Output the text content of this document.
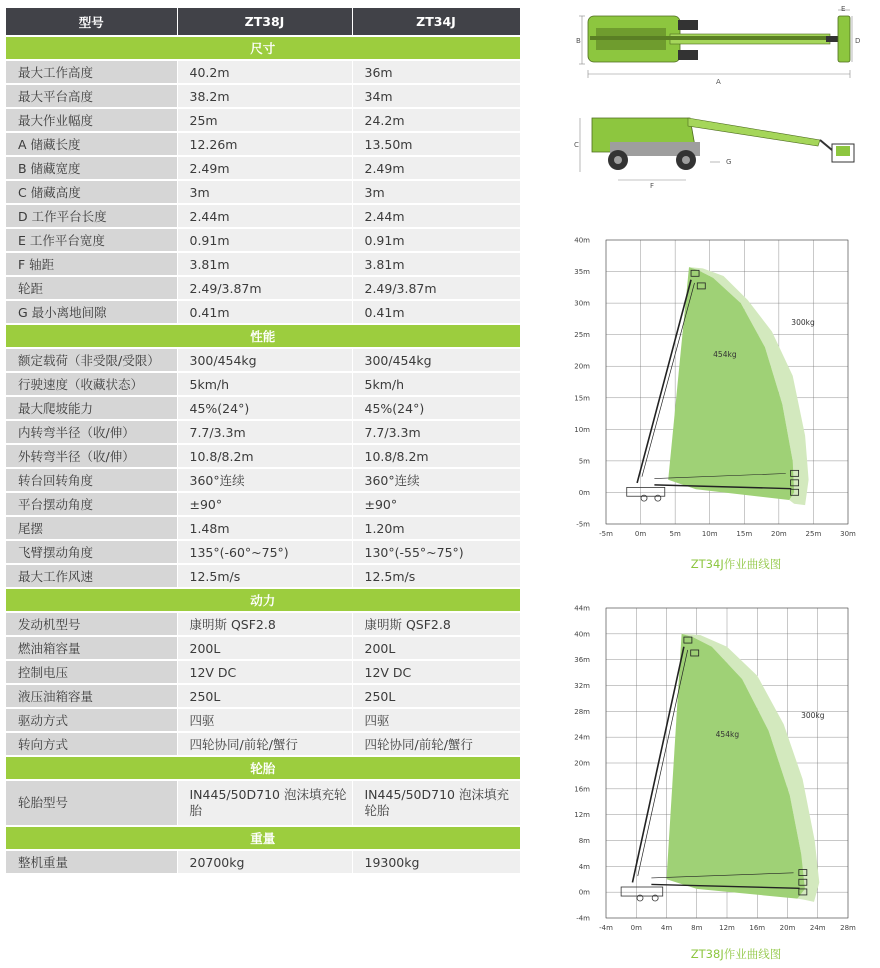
型号	ZT38J	ZT34J
尺寸		
最大工作高度	40.2m	36m
最大平台高度	38.2m	34m
最大作业幅度	25m	24.2m
A 储藏长度	12.26m	13.50m
B 储藏宽度	2.49m	2.49m
C 储藏高度	3m	3m
D 工作平台长度	2.44m	2.44m
E 工作平台宽度	0.91m	0.91m
F 轴距	3.81m	3.81m
轮距	2.49/3.87m	2.49/3.87m
G 最小离地间隙	0.41m	0.41m
性能		
额定载荷（非受限/受限）	300/454kg	300/454kg
行驶速度（收藏状态）	5km/h	5km/h
最大爬坡能力	45%(24°)	45%(24°)
内转弯半径（收/伸）	7.7/3.3m	7.7/3.3m
外转弯半径（收/伸）	10.8/8.2m	10.8/8.2m
转台回转角度	360°连续	360°连续
平台摆动角度	±90°	±90°
尾摆	1.48m	1.20m
飞臂摆动角度	135°(-60°~75°)	130°(-55°~75°)
最大工作风速	12.5m/s	12.5m/s
动力		
发动机型号	康明斯 QSF2.8	康明斯 QSF2.8
燃油箱容量	200L	200L
控制电压	12V DC	12V DC
液压油箱容量	250L	250L
驱动方式	四驱	四驱
转向方式	四轮协同/前轮/蟹行	四轮协同/前轮/蟹行
轮胎		
轮胎型号	IN445/50D710 泡沫填充轮胎	IN445/50D710 泡沫填充轮胎
重量		
整机重量	20700kg	19300kg
B	D
E
A
C
F
G
-5m	0m	5m	10m	15m	20m	25m	30m
40m
35m
30m
25m
20m
15m
10m
5m
0m
-5m
454kg
300kg
ZT34J作业曲线图
-4m	0m	4m	8m 12m 16m 20m 24m 28m
44m
40m
36m
32m
28m
24m
20m
16m
12m
8m
4m
0m
-4m
454kg
300kg
ZT38J作业曲线图
